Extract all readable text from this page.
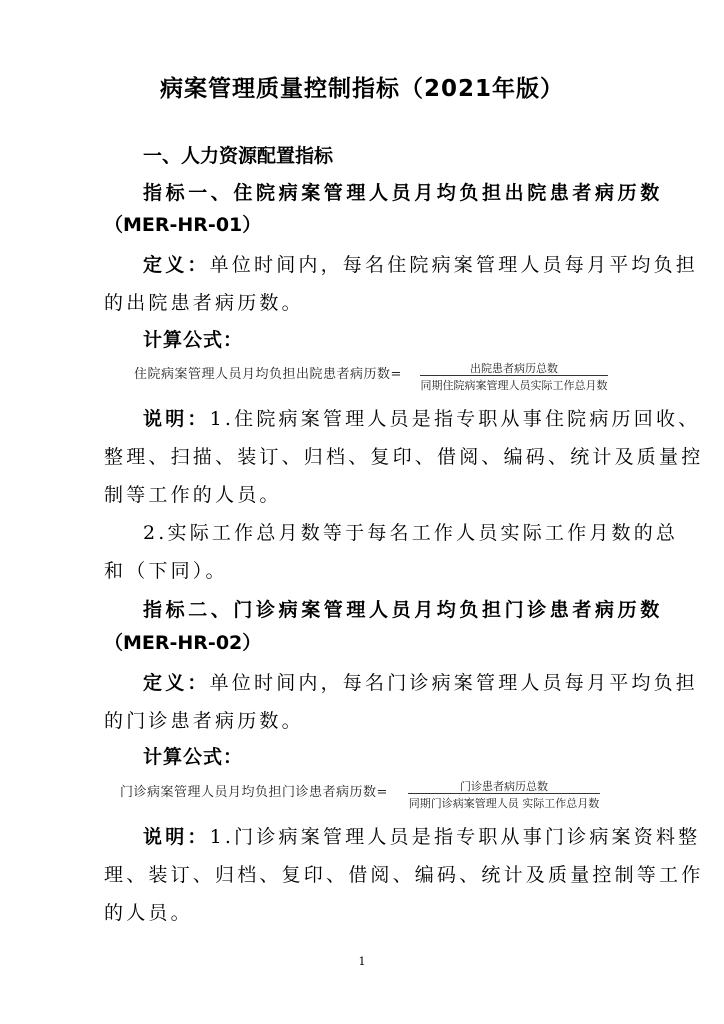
病案管理质量控制指标（2021年版）
一、人力资源配置指标
指标一、住院病案管理人员月均负担出院患者病历数
（MER-HR-01）
定义：单位时间内，每名住院病案管理人员每月平均负担
的出院患者病历数。
计算公式：
住院病案管理人员月均负担出院患者病历数=	出院患者病历总数
同期住院病案管理人员实际工作总月数
说明：1.住院病案管理人员是指专职从事住院病历回收、
整理、扫描、装订、归档、复印、借阅、编码、统计及质量控
制等工作的人员。
2.实际工作总月数等于每名工作人员实际工作月数的总
和（下同）。
指标二、门诊病案管理人员月均负担门诊患者病历数
（MER-HR-02）
定义：单位时间内，每名门诊病案管理人员每月平均负担
的门诊患者病历数。
计算公式：
门诊病案管理人员月均负担门诊患者病历数=	门诊患者病历总数
同期门诊病案管理人员 实际工作总月数
说明：1.门诊病案管理人员是指专职从事门诊病案资料整
理、装订、归档、复印、借阅、编码、统计及质量控制等工作
的人员。
1
